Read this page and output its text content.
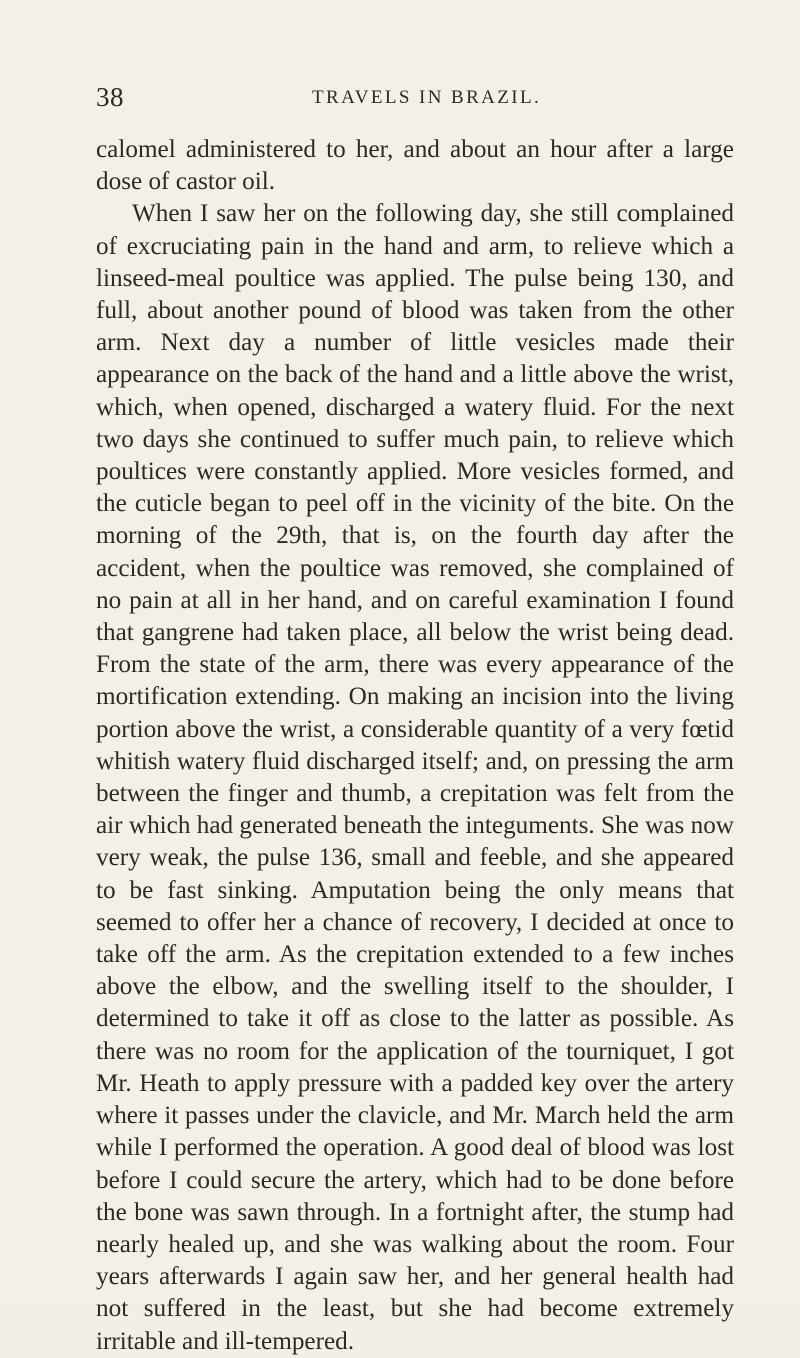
38	TRAVELS IN BRAZIL.

calomel administered to her, and about an hour after a large dose of castor oil.

When I saw her on the following day, she still complained of excruciating pain in the hand and arm, to relieve which a linseed-meal poultice was applied. The pulse being 130, and full, about another pound of blood was taken from the other arm. Next day a number of little vesicles made their appearance on the back of the hand and a little above the wrist, which, when opened, discharged a watery fluid. For the next two days she continued to suffer much pain, to relieve which poultices were constantly applied. More vesicles formed, and the cuticle began to peel off in the vicinity of the bite. On the morning of the 29th, that is, on the fourth day after the accident, when the poultice was removed, she complained of no pain at all in her hand, and on careful examination I found that gangrene had taken place, all below the wrist being dead. From the state of the arm, there was every appearance of the mortification extending. On making an incision into the living portion above the wrist, a considerable quantity of a very fœtid whitish watery fluid discharged itself; and, on pressing the arm between the finger and thumb, a crepitation was felt from the air which had generated beneath the integuments. She was now very weak, the pulse 136, small and feeble, and she appeared to be fast sinking. Amputation being the only means that seemed to offer her a chance of recovery, I decided at once to take off the arm. As the crepitation extended to a few inches above the elbow, and the swelling itself to the shoulder, I determined to take it off as close to the latter as possible. As there was no room for the application of the tourniquet, I got Mr. Heath to apply pressure with a padded key over the artery where it passes under the clavicle, and Mr. March held the arm while I performed the operation. A good deal of blood was lost before I could secure the artery, which had to be done before the bone was sawn through. In a fortnight after, the stump had nearly healed up, and she was walking about the room. Four years afterwards I again saw her, and her general health had not suffered in the least, but she had become extremely irritable and ill-tempered.
